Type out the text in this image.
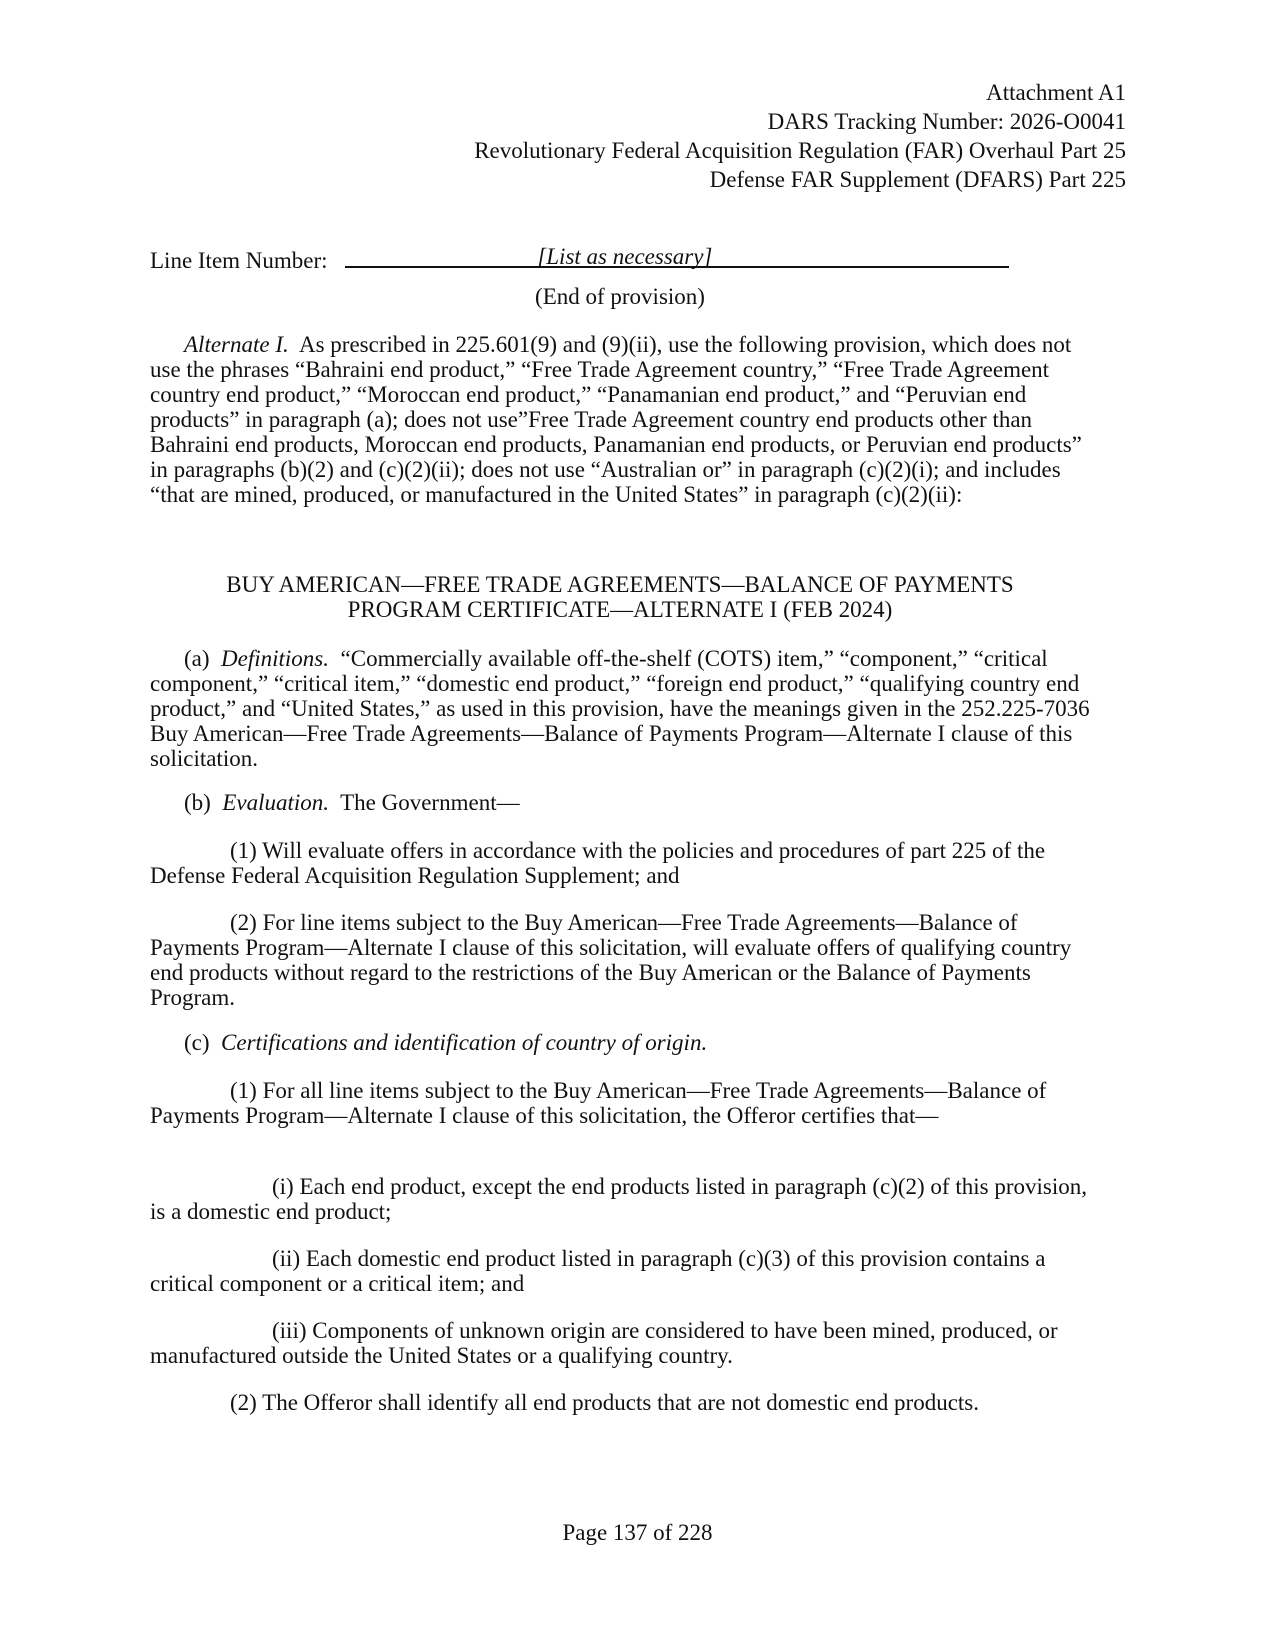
Attachment A1
DARS Tracking Number: 2026-O0041
Revolutionary Federal Acquisition Regulation (FAR) Overhaul Part 25
Defense FAR Supplement (DFARS) Part 225
Line Item Number:	[List as necessary]
(End of provision)
Alternate I. As prescribed in 225.601(9) and (9)(ii), use the following provision, which does not use the phrases “Bahraini end product,” “Free Trade Agreement country,” “Free Trade Agreement country end product,” “Moroccan end product,” “Panamanian end product,” and “Peruvian end products” in paragraph (a); does not use”Free Trade Agreement country end products other than Bahraini end products, Moroccan end products, Panamanian end products, or Peruvian end products” in paragraphs (b)(2) and (c)(2)(ii); does not use “Australian or” in paragraph (c)(2)(i); and includes “that are mined, produced, or manufactured in the United States” in paragraph (c)(2)(ii):
BUY AMERICAN—FREE TRADE AGREEMENTS—BALANCE OF PAYMENTS
PROGRAM CERTIFICATE—ALTERNATE I (FEB 2024)
(a) Definitions. “Commercially available off-the-shelf (COTS) item,” “component,” “critical component,” “critical item,” “domestic end product,” “foreign end product,” “qualifying country end product,” and “United States,” as used in this provision, have the meanings given in the 252.225-7036 Buy American—Free Trade Agreements—Balance of Payments Program—Alternate I clause of this solicitation.
(b) Evaluation. The Government—
(1) Will evaluate offers in accordance with the policies and procedures of part 225 of the Defense Federal Acquisition Regulation Supplement; and
(2) For line items subject to the Buy American—Free Trade Agreements—Balance of Payments Program—Alternate I clause of this solicitation, will evaluate offers of qualifying country end products without regard to the restrictions of the Buy American or the Balance of Payments Program.
(c) Certifications and identification of country of origin.
(1) For all line items subject to the Buy American—Free Trade Agreements—Balance of Payments Program—Alternate I clause of this solicitation, the Offeror certifies that—
(i) Each end product, except the end products listed in paragraph (c)(2) of this provision, is a domestic end product;
(ii) Each domestic end product listed in paragraph (c)(3) of this provision contains a critical component or a critical item; and
(iii) Components of unknown origin are considered to have been mined, produced, or manufactured outside the United States or a qualifying country.
(2) The Offeror shall identify all end products that are not domestic end products.
Page 137 of 228
